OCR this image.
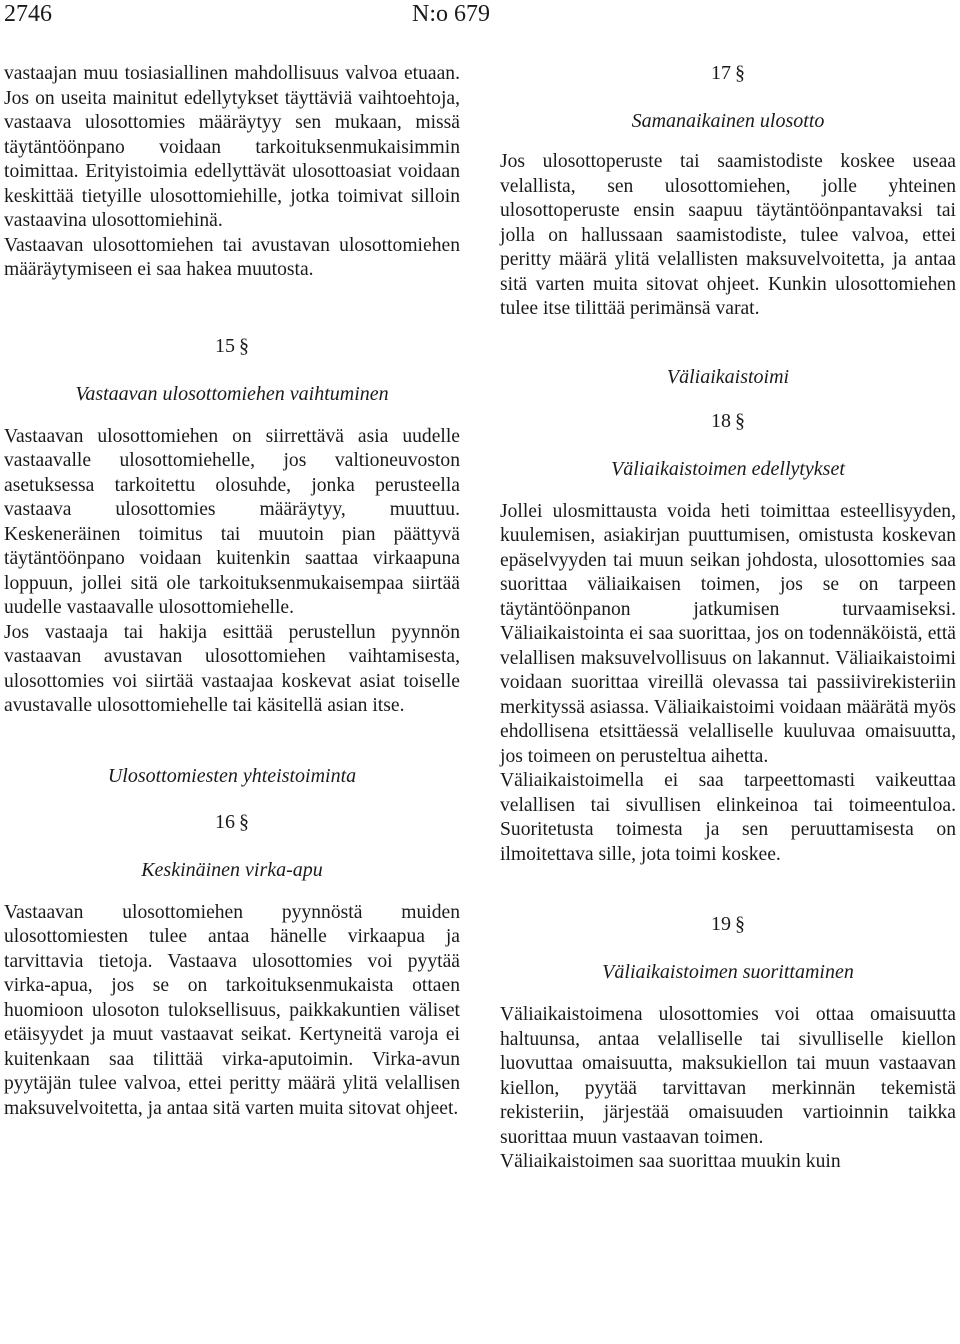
2746	N:o 679

vastaajan muu tosiasiallinen mahdollisuus valvoa etuaan. Jos on useita mainitut edellytykset täyttäviä vaihtoehtoja, vastaava ulosottomies määräytyy sen mukaan, missä täytäntöönpano voidaan tarkoituksenmukaisimmin toimittaa. Erityistoimia edellyttävät ulosottoasiat voidaan keskittää tietyille ulosottomiehille, jotka toimivat silloin vastaavina ulosottomiehinä.

Vastaavan ulosottomiehen tai avustavan ulosottomiehen määräytymiseen ei saa hakea muutosta.

15 §
Vastaavan ulosottomiehen vaihtuminen

Vastaavan ulosottomiehen on siirrettävä asia uudelle vastaavalle ulosottomiehelle, jos valtioneuvoston asetuksessa tarkoitettu olosuhde, jonka perusteella vastaava ulosottomies määräytyy, muuttuu. Keskeneräinen toimitus tai muutoin pian päättyvä täytäntöönpano voidaan kuitenkin saattaa virkaapuna loppuun, jollei sitä ole tarkoituksenmukaisempaa siirtää uudelle vastaavalle ulosottomiehelle.

Jos vastaaja tai hakija esittää perustellun pyynnön vastaavan avustavan ulosottomiehen vaihtamisesta, ulosottomies voi siirtää vastaajaa koskevat asiat toiselle avustavalle ulosottomiehelle tai käsitellä asian itse.

Ulosottomiesten yhteistoiminta
16 §
Keskinäinen virka-apu

Vastaavan ulosottomiehen pyynnöstä muiden ulosottomiesten tulee antaa hänelle virkaapua ja tarvittavia tietoja. Vastaava ulosottomies voi pyytää virka-apua, jos se on tarkoituksenmukaista ottaen huomioon ulosoton tuloksellisuus, paikkakuntien väliset etäisyydet ja muut vastaavat seikat. Kertyneitä varoja ei kuitenkaan saa tilittää virka-aputoimin. Virka-avun pyytäjän tulee valvoa, ettei peritty määrä ylitä velallisen maksuvelvoitetta, ja antaa sitä varten muita sitovat ohjeet.

17 §
Samanaikainen ulosotto

Jos ulosottoperuste tai saamistodiste koskee useaa velallista, sen ulosottomiehen, jolle yhteinen ulosottoperuste ensin saapuu täytäntöönpantavaksi tai jolla on hallussaan saamistodiste, tulee valvoa, ettei peritty määrä ylitä velallisten maksuvelvoitetta, ja antaa sitä varten muita sitovat ohjeet. Kunkin ulosottomiehen tulee itse tilittää perimänsä varat.

Väliaikaistoimi
18 §
Väliaikaistoimen edellytykset

Jollei ulosmittausta voida heti toimittaa esteellisyyden, kuulemisen, asiakirjan puuttumisen, omistusta koskevan epäselvyyden tai muun seikan johdosta, ulosottomies saa suorittaa väliaikaisen toimen, jos se on tarpeen täytäntöönpanon jatkumisen turvaamiseksi. Väliaikaistointa ei saa suorittaa, jos on todennäköistä, että velallisen maksuvelvollisuus on lakannut. Väliaikaistoimi voidaan suorittaa vireillä olevassa tai passiivirekisteriin merkityssä asiassa. Väliaikaistoimi voidaan määrätä myös ehdollisena etsittäessä velalliselle kuuluvaa omaisuutta, jos toimeen on perusteltua aihetta.

Väliaikaistoimella ei saa tarpeettomasti vaikeuttaa velallisen tai sivullisen elinkeinoa tai toimeentuloa. Suoritetusta toimesta ja sen peruuttamisesta on ilmoitettava sille, jota toimi koskee.

19 §
Väliaikaistoimen suorittaminen

Väliaikaistoimena ulosottomies voi ottaa omaisuutta haltuunsa, antaa velalliselle tai sivulliselle kiellon luovuttaa omaisuutta, maksukiellon tai muun vastaavan kiellon, pyytää tarvittavan merkinnän tekemistä rekisteriin, järjestää omaisuuden vartioinnin taikka suorittaa muun vastaavan toimen.

Väliaikaistoimen saa suorittaa muukin kuin
